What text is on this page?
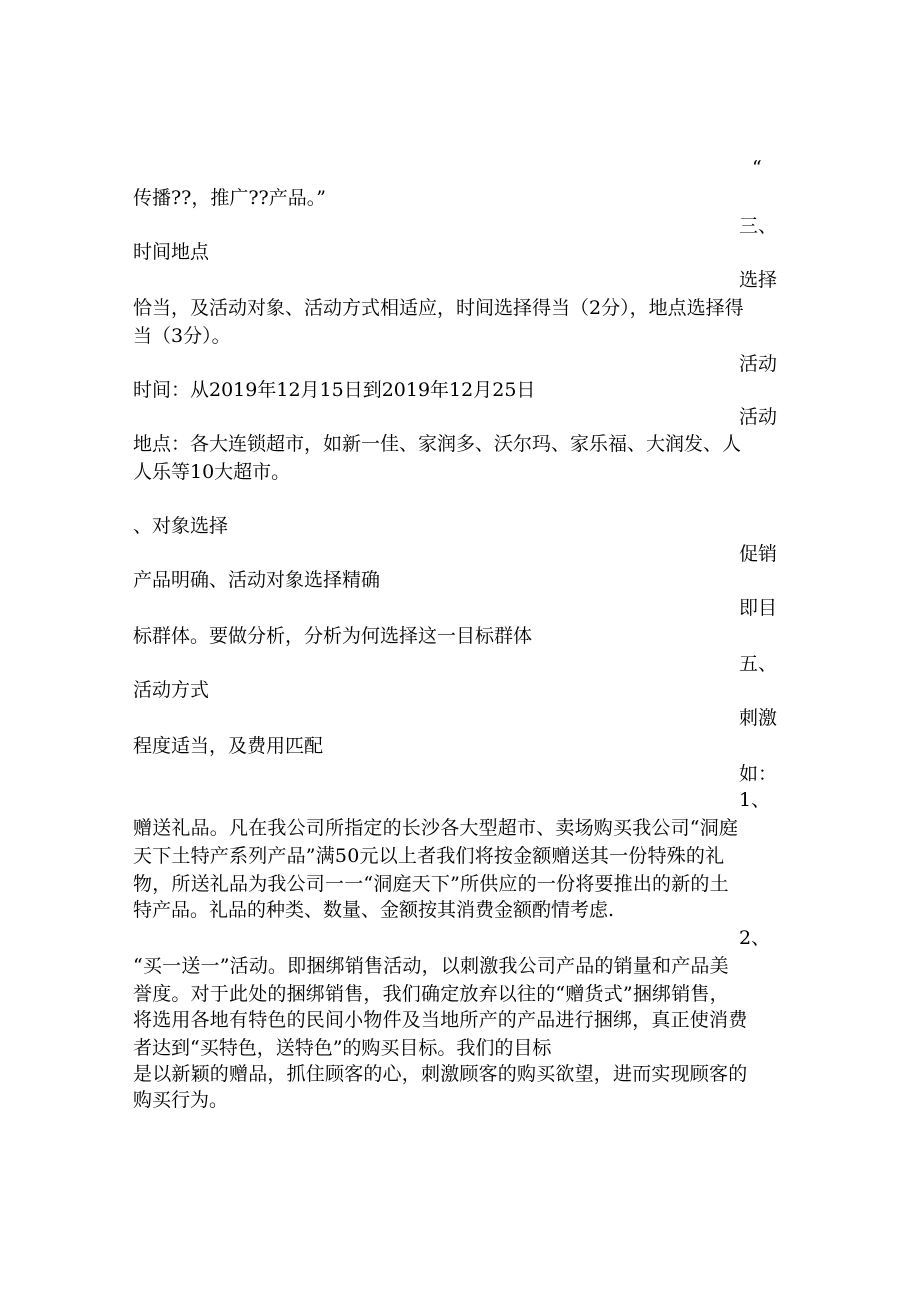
“

传播??，推广??产品。”

三、

时间地点

选择

恰当，及活动对象、活动方式相适应，时间选择得当（2分），地点选择得

当（3分）。

活动

时间：从2019年12月15日到2019年12月25日

活动

地点：各大连锁超市，如新一佳、家润多、沃尔玛、家乐福、大润发、人

人乐等10大超市。

、对象选择

促销

产品明确、活动对象选择精确

即目

标群体。要做分析，分析为何选择这一目标群体

五、

活动方式

刺激

程度适当，及费用匹配

如：

1、

赠送礼品。凡在我公司所指定的长沙各大型超市、卖场购买我公司“洞庭

天下土特产系列产品”满50元以上者我们将按金额赠送其一份特殊的礼

物，所送礼品为我公司一一“洞庭天下”所供应的一份将要推出的新的土

特产品。礼品的种类、数量、金额按其消费金额酌情考虑.

2、

“买一送一”活动。即捆绑销售活动，以刺激我公司产品的销量和产品美

誉度。对于此处的捆绑销售，我们确定放弃以往的“赠货式”捆绑销售，

将选用各地有特色的民间小物件及当地所产的产品进行捆绑，真正使消费

者达到“买特色，送特色”的购买目标。我们的目标

是以新颖的赠品，抓住顾客的心，刺激顾客的购买欲望，进而实现顾客的

购买行为。
